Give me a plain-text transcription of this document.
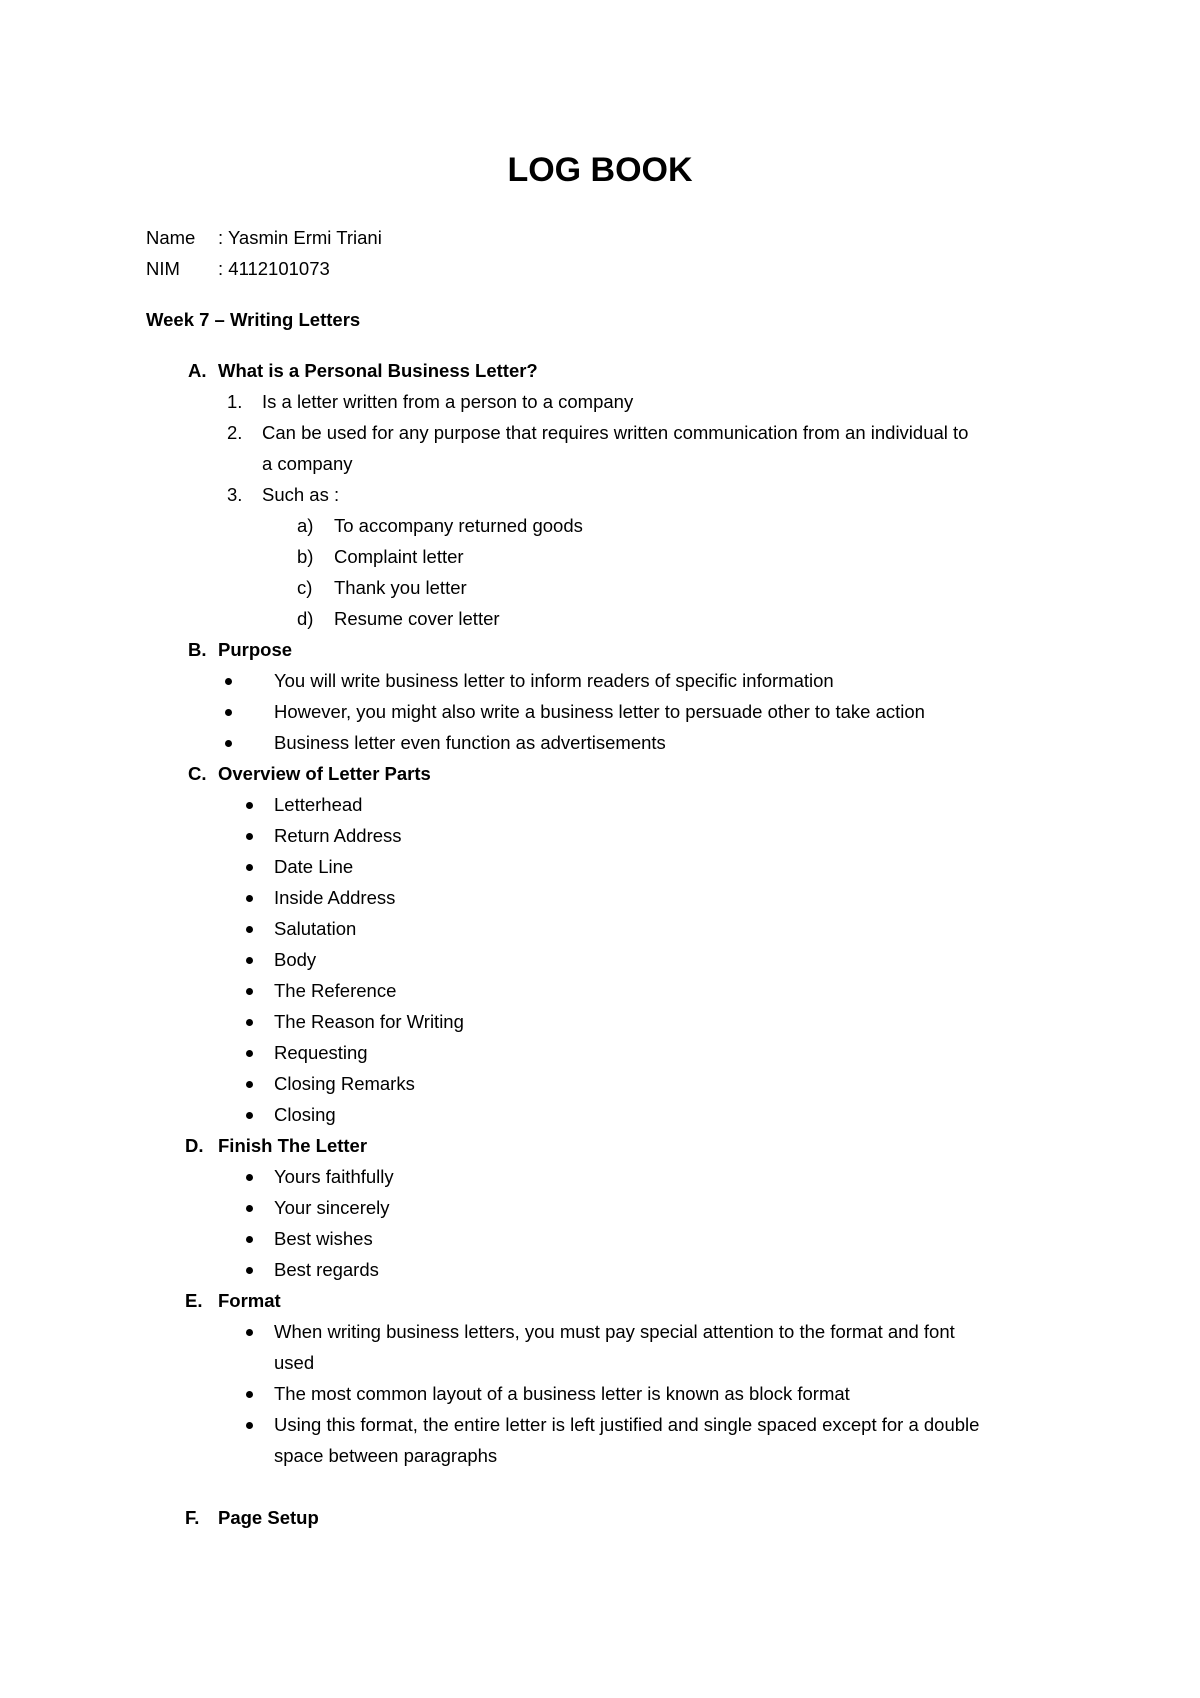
LOG BOOK
Name : Yasmin Ermi Triani
NIM : 4112101073
Week 7 – Writing Letters
A. What is a Personal Business Letter?
1. Is a letter written from a person to a company
2. Can be used for any purpose that requires written communication from an individual to
a company
3. Such as :
a) To accompany returned goods
b) Complaint letter
c) Thank you letter
d) Resume cover letter
B. Purpose
You will write business letter to inform readers of specific information
However, you might also write a business letter to persuade other to take action
Business letter even function as advertisements
C. Overview of Letter Parts
Letterhead
Return Address
Date Line
Inside Address
Salutation
Body
The Reference
The Reason for Writing
Requesting
Closing Remarks
Closing
D. Finish The Letter
Yours faithfully
Your sincerely
Best wishes
Best regards
E. Format
When writing business letters, you must pay special attention to the format and font
used
The most common layout of a business letter is known as block format
Using this format, the entire letter is left justified and single spaced except for a double
space between paragraphs
F. Page Setup
